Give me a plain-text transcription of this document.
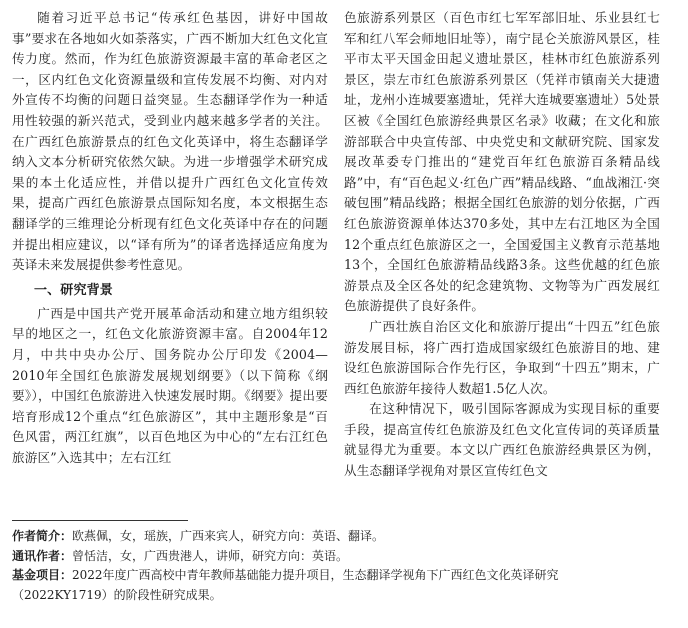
随着习近平总书记“传承红色基因，讲好中国故事”要求在各地如火如荼落实，广西不断加大红色文化宣传力度。然而，作为红色旅游资源最丰富的革命老区之一，区内红色文化资源量级和宣传发展不均衡、对内对外宣传不均衡的问题日益突显。生态翻译学作为一种适用性较强的新兴范式，受到业内越来越多学者的关注。在广西红色旅游景点的红色文化英译中，将生态翻译学纳入文本分析研究依然欠缺。为进一步增强学术研究成果的本土化适应性，并借以提升广西红色文化宣传效果，提高广西红色旅游景点国际知名度，本文根据生态翻译学的三维理论分析现有红色文化英译中存在的问题并提出相应建议，以“译有所为”的译者选择适应角度为英译未来发展提供参考性意见。

一、研究背景

广西是中国共产党开展革命活动和建立地方组织较早的地区之一，红色文化旅游资源丰富。自2004年12月，中共中央办公厅、国务院办公厅印发《2004—2010年全国红色旅游发展规划纲要》（以下简称《纲要》），中国红色旅游进入快速发展时期。《纲要》提出要培育形成12个重点“红色旅游区”，其中主题形象是“百色风雷，两江红旗”，以百色地区为中心的“左右江红色旅游区”入选其中；左右江红

色旅游系列景区（百色市红七军军部旧址、乐业县红七军和红八军会师地旧址等），南宁昆仑关旅游风景区，桂平市太平天国金田起义遗址景区，桂林市红色旅游系列景区，崇左市红色旅游系列景区（凭祥市镇南关大捷遗址，龙州小连城要塞遗址，凭祥大连城要塞遗址）5处景区被《全国红色旅游经典景区名录》收藏；在文化和旅游部联合中央宣传部、中央党史和文献研究院、国家发展改革委专门推出的“建党百年红色旅游百条精品线路”中，有“百色起义·红色广西”精品线路、“血战湘江·突破包围”精品线路；根据全国红色旅游的划分依据，广西红色旅游资源单体达370多处，其中左右江地区为全国12个重点红色旅游区之一，全国爱国主义教育示范基地13个，全国红色旅游精品线路3条。这些优越的红色旅游景点及全区各处的纪念建筑物、文物等为广西发展红色旅游提供了良好条件。

广西壮族自治区文化和旅游厅提出“十四五”红色旅游发展目标，将广西打造成国家级红色旅游目的地、建设红色旅游国际合作先行区，争取到“十四五”期末，广西红色旅游年接待人数超1.5亿人次。

在这种情况下，吸引国际客源成为实现目标的重要手段，提高宣传红色旅游及红色文化宣传词的英译质量就显得尤为重要。本文以广西红色旅游经典景区为例，从生态翻译学视角对景区宣传红色文

作者简介：欧燕佩，女，瑶族，广西来宾人，研究方向：英语、翻译。
通讯作者：曾恬洁，女，广西贵港人，讲师，研究方向：英语。
基金项目：2022年度广西高校中青年教师基础能力提升项目，生态翻译学视角下广西红色文化英译研究
（2022KY1719）的阶段性研究成果。
